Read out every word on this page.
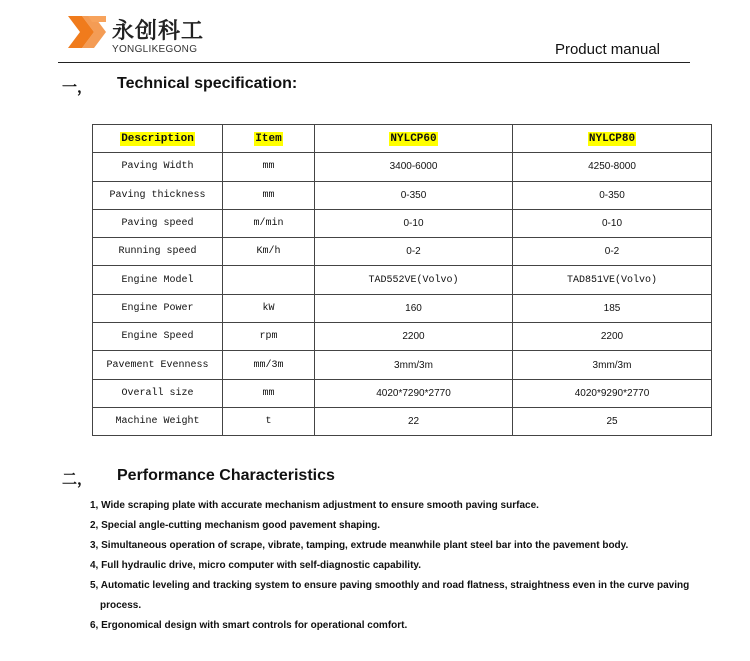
永创科工
YONGLIKEGONG	Product manual
一， Technical specification:
Description	Item	NYLCP60	NYLCP80
Paving Width	mm	3400-6000	4250-8000
Paving thickness	mm	0-350	0-350
Paving speed	m/min	0-10	0-10
Running speed	Km/h	0-2	0-2
Engine Model		TAD552VE(Volvo)	TAD851VE(Volvo)
Engine Power	kW	160	185
Engine Speed	rpm	2200	2200
Pavement Evenness	mm/3m	3mm/3m	3mm/3m
Overall size	mm	4020*7290*2770	4020*9290*2770
Machine Weight	t	22	25
二， Performance Characteristics
1, Wide scraping plate with accurate mechanism adjustment to ensure smooth paving surface.
2, Special angle-cutting mechanism good pavement shaping.
3, Simultaneous operation of scrape, vibrate, tamping, extrude meanwhile plant steel bar into the pavement body.
4, Full hydraulic drive, micro computer with self-diagnostic capability.
5, Automatic leveling and tracking system to ensure paving smoothly and road flatness, straightness even in the curve paving
process.
6, Ergonomical design with smart controls for operational comfort.
